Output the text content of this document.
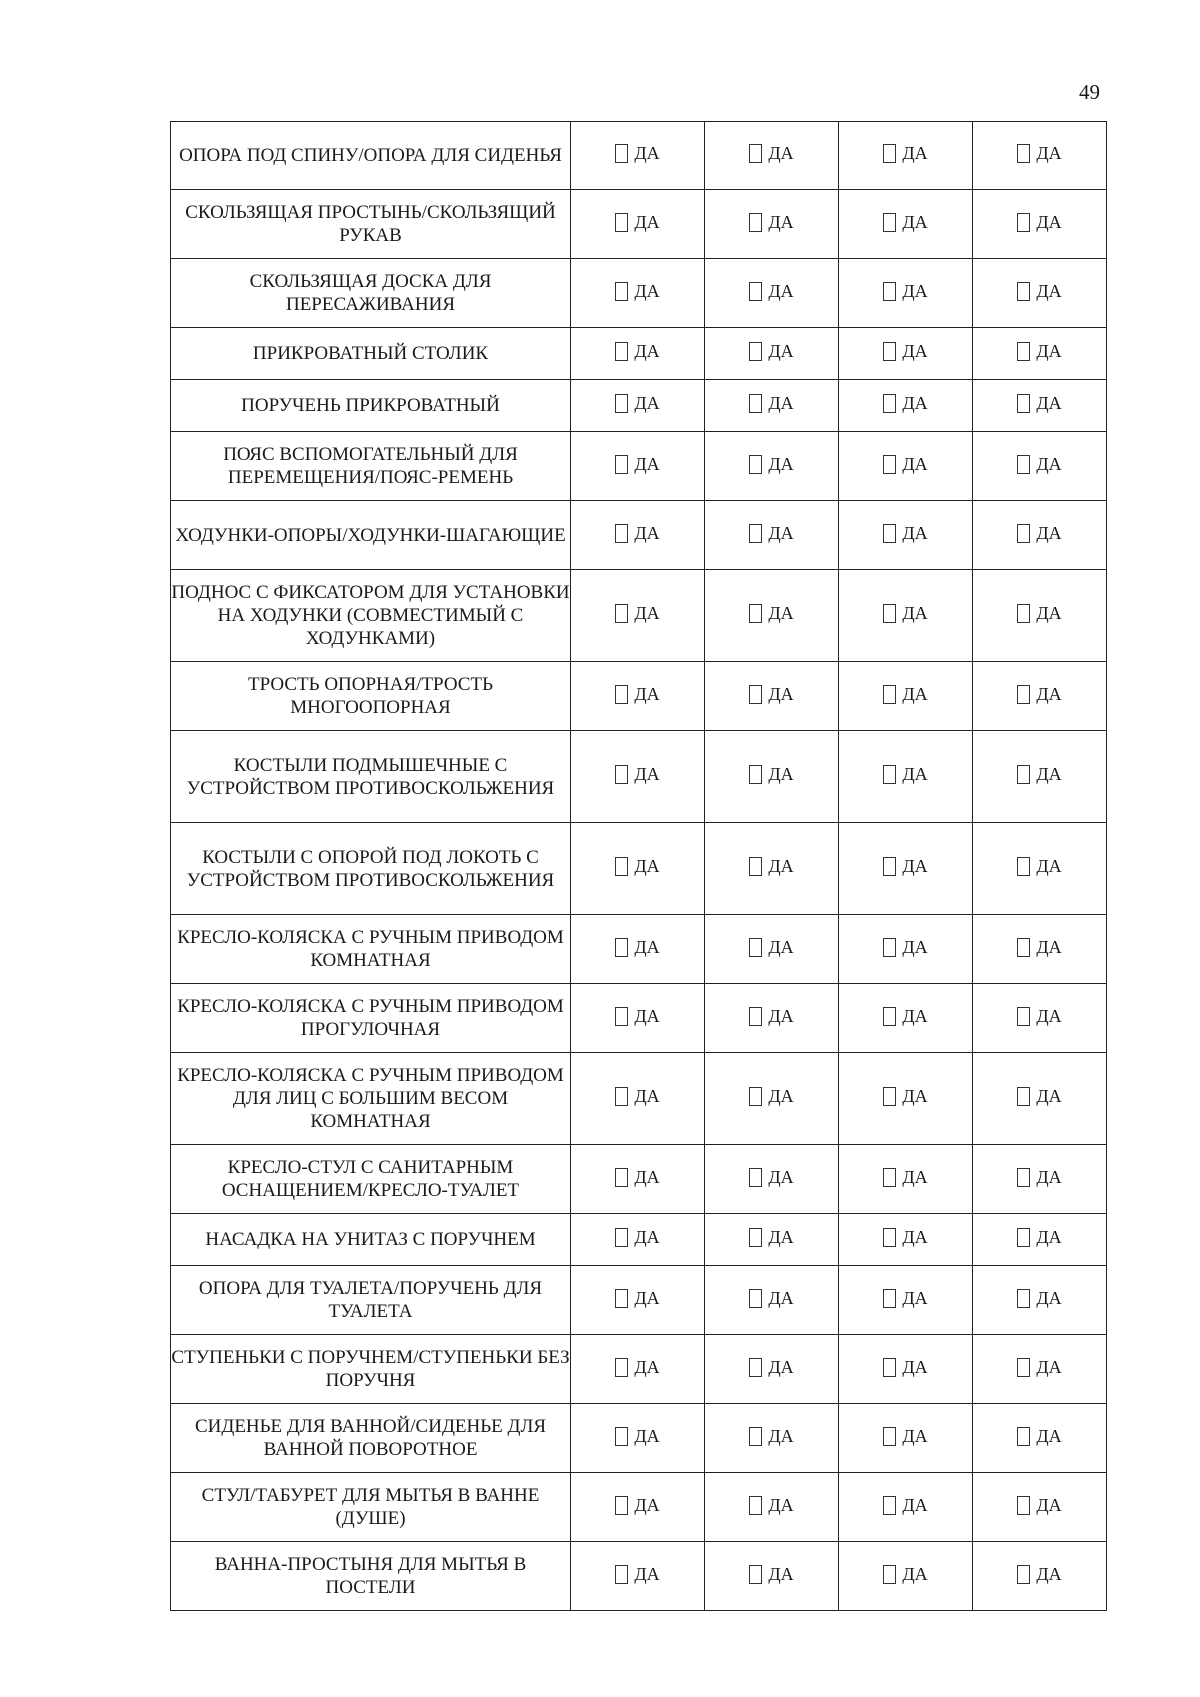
49
ОПОРА ПОД СПИНУ/ОПОРА ДЛЯ СИДЕНЬЯ	ДА	ДА	ДА	ДА

СКОЛЬЗЯЩАЯ ПРОСТЫНЬ/СКОЛЬЗЯЩИЙ РУКАВ	ДА	ДА	ДА	ДА

СКОЛЬЗЯЩАЯ ДОСКА ДЛЯ ПЕРЕСАЖИВАНИЯ	ДА	ДА	ДА	ДА

ПРИКРОВАТНЫЙ СТОЛИК	ДА	ДА	ДА	ДА

ПОРУЧЕНЬ ПРИКРОВАТНЫЙ	ДА	ДА	ДА	ДА

ПОЯС ВСПОМОГАТЕЛЬНЫЙ ДЛЯ ПЕРЕМЕЩЕНИЯ/ПОЯС-РЕМЕНЬ	ДА	ДА	ДА	ДА

ХОДУНКИ-ОПОРЫ/ХОДУНКИ-ШАГАЮЩИЕ	ДА	ДА	ДА	ДА

ПОДНОС С ФИКСАТОРОМ ДЛЯ УСТАНОВКИ НА ХОДУНКИ (СОВМЕСТИМЫЙ С ХОДУНКАМИ)	ДА	ДА	ДА	ДА

ТРОСТЬ ОПОРНАЯ/ТРОСТЬ МНОГООПОРНАЯ	ДА	ДА	ДА	ДА

КОСТЫЛИ ПОДМЫШЕЧНЫЕ С УСТРОЙСТВОМ ПРОТИВОСКОЛЬЖЕНИЯ	ДА	ДА	ДА	ДА

КОСТЫЛИ С ОПОРОЙ ПОД ЛОКОТЬ С УСТРОЙСТВОМ ПРОТИВОСКОЛЬЖЕНИЯ	ДА	ДА	ДА	ДА

КРЕСЛО-КОЛЯСКА С РУЧНЫМ ПРИВОДОМ КОМНАТНАЯ	ДА	ДА	ДА	ДА

КРЕСЛО-КОЛЯСКА С РУЧНЫМ ПРИВОДОМ ПРОГУЛОЧНАЯ	ДА	ДА	ДА	ДА

КРЕСЛО-КОЛЯСКА С РУЧНЫМ ПРИВОДОМ ДЛЯ ЛИЦ С БОЛЬШИМ ВЕСОМ КОМНАТНАЯ	ДА	ДА	ДА	ДА

КРЕСЛО-СТУЛ С САНИТАРНЫМ ОСНАЩЕНИЕМ/КРЕСЛО-ТУАЛЕТ	ДА	ДА	ДА	ДА

НАСАДКА НА УНИТАЗ С ПОРУЧНЕМ	ДА	ДА	ДА	ДА

ОПОРА ДЛЯ ТУАЛЕТА/ПОРУЧЕНЬ ДЛЯ ТУАЛЕТА	ДА	ДА	ДА	ДА

СТУПЕНЬКИ С ПОРУЧНЕМ/СТУПЕНЬКИ БЕЗ ПОРУЧНЯ	ДА	ДА	ДА	ДА

СИДЕНЬЕ ДЛЯ ВАННОЙ/СИДЕНЬЕ ДЛЯ ВАННОЙ ПОВОРОТНОЕ	ДА	ДА	ДА	ДА

СТУЛ/ТАБУРЕТ ДЛЯ МЫТЬЯ В ВАННЕ (ДУШЕ)	ДА	ДА	ДА	ДА

ВАННА-ПРОСТЫНЯ ДЛЯ МЫТЬЯ В ПОСТЕЛИ	ДА	ДА	ДА	ДА
